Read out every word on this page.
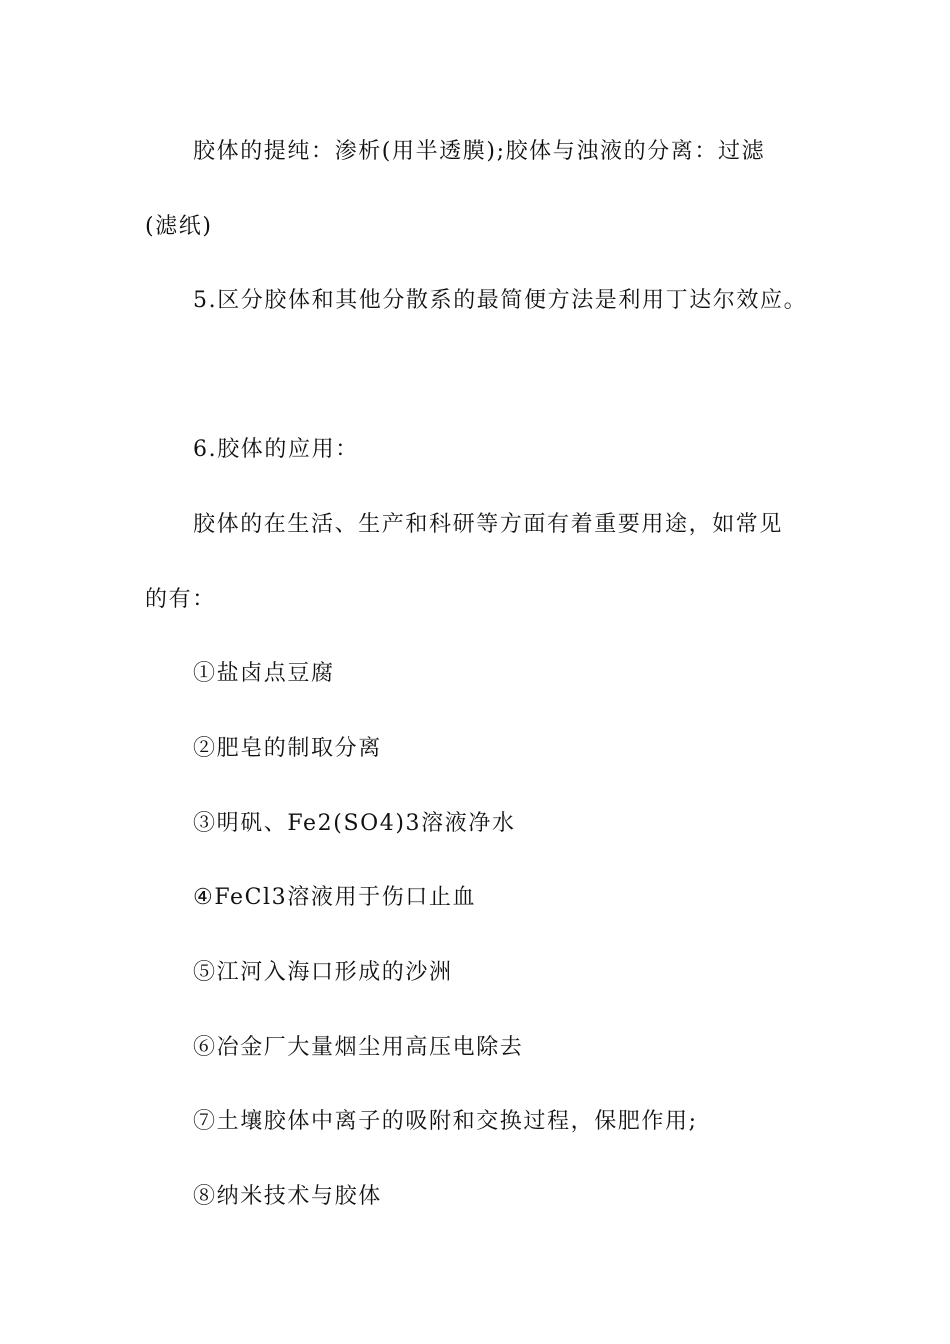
胶体的提纯：渗析(用半透膜);胶体与浊液的分离：过滤
(滤纸)
5.区分胶体和其他分散系的最简便方法是利用丁达尔效应。
6.胶体的应用：
胶体的在生活、生产和科研等方面有着重要用途，如常见
的有：
①盐卤点豆腐
②肥皂的制取分离
③明矾、Fe2(SO4)3溶液净水
④FeCl3溶液用于伤口止血
⑤江河入海口形成的沙洲
⑥冶金厂大量烟尘用高压电除去
⑦土壤胶体中离子的吸附和交换过程，保肥作用;
⑧纳米技术与胶体
